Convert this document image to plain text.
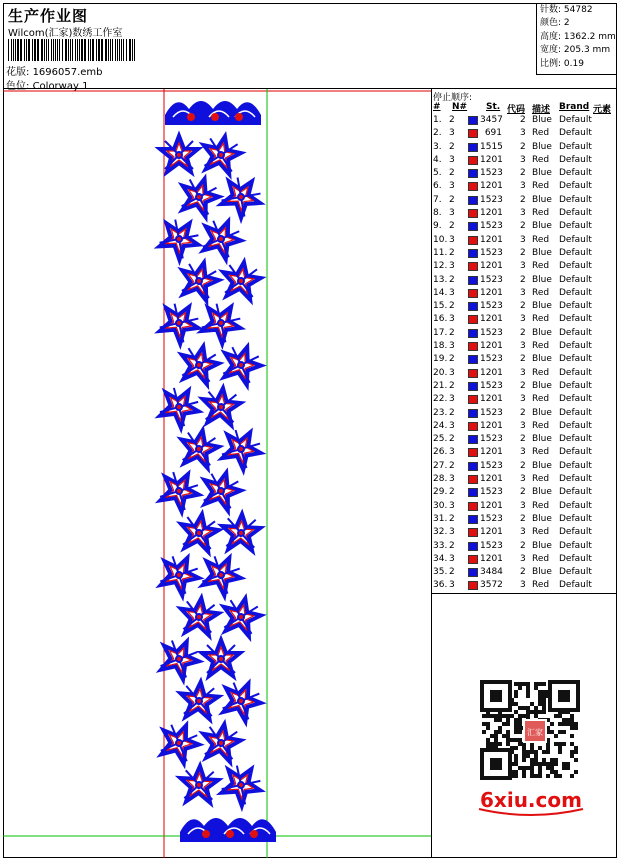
生产作业图
Wilcom(汇家)数绣工作室
花版: 1696057.emb
色位: Colorway 1
针数: 54782
颜色: 2
高度: 1362.2 mm
宽度: 205.3 mm
比例: 0.19
停止顺序:
# N# St. 代码 描述 Brand 元素
1. 2	3457 2 Blue Default
2. 3	691 3 Red Default
3. 2	1515 2 Blue Default
4. 3	1201 3 Red Default
5. 2	1523 2 Blue Default
6. 3	1201 3 Red Default
7. 2	1523 2 Blue Default
8. 3	1201 3 Red Default
9. 2	1523 2 Blue Default
10. 3	1201 3 Red Default
11. 2	1523 2 Blue Default
12. 3	1201 3 Red Default
13. 2	1523 2 Blue Default
14. 3	1201 3 Red Default
15. 2	1523 2 Blue Default
16. 3	1201 3 Red Default
17. 2	1523 2 Blue Default
18. 3	1201 3 Red Default
19. 2	1523 2 Blue Default
20. 3	1201 3 Red Default
21. 2	1523 2 Blue Default
22. 3	1201 3 Red Default
23. 2	1523 2 Blue Default
24. 3	1201 3 Red Default
25. 2	1523 2 Blue Default
26. 3	1201 3 Red Default
27. 2	1523 2 Blue Default
28. 3	1201 3 Red Default
29. 2	1523 2 Blue Default
30. 3	1201 3 Red Default
31. 2	1523 2 Blue Default
32. 3	1201 3 Red Default
33. 2	1523 2 Blue Default
34. 3	1201 3 Red Default
35. 2	3484 2 Blue Default
36. 3	3572 3 Red Default
汇家
6xiu.com
